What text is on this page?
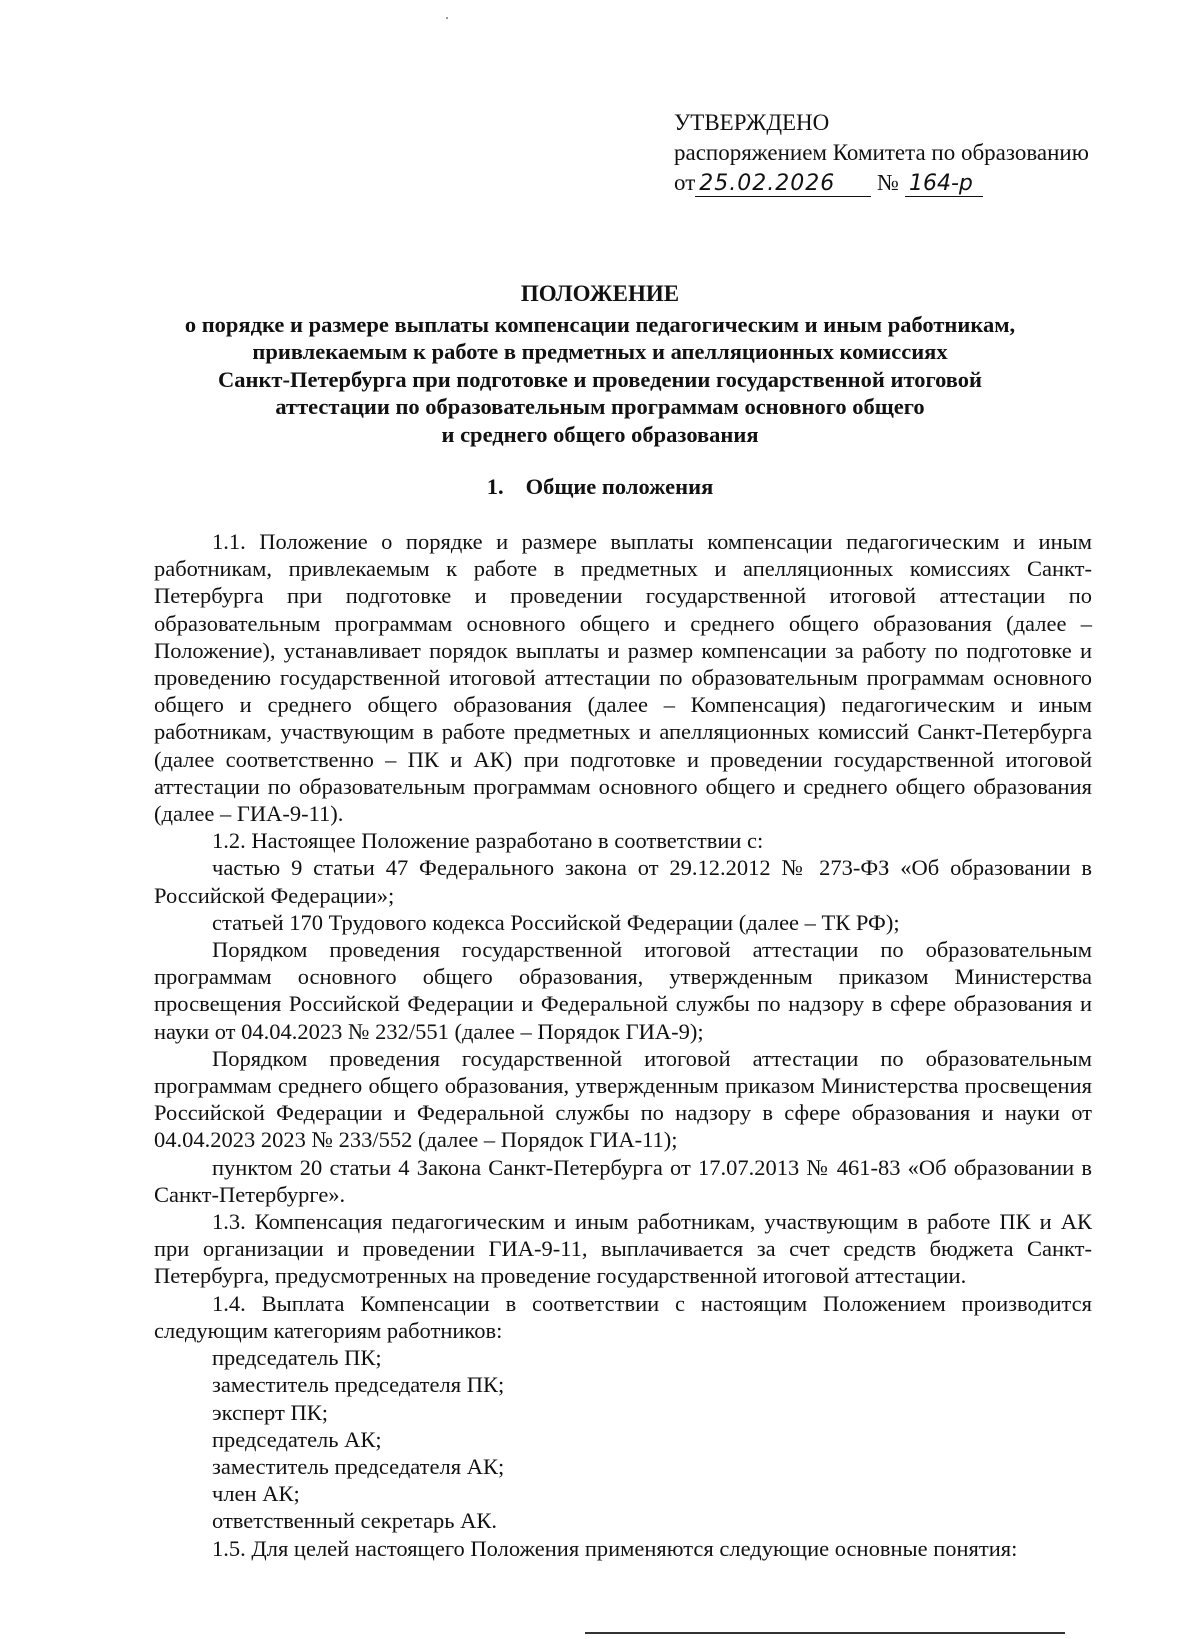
УТВЕРЖДЕНО
распоряжением Комитета по образованию
от 25.02.2026 № 164-р
ПОЛОЖЕНИЕ
о порядке и размере выплаты компенсации педагогическим и иным работникам,
привлекаемым к работе в предметных и апелляционных комиссиях
Санкт-Петербурга при подготовке и проведении государственной итоговой
аттестации по образовательным программам основного общего
и среднего общего образования
1. Общие положения

1.1. Положение о порядке и размере выплаты компенсации педагогическим и иным работникам, привлекаемым к работе в предметных и апелляционных комиссиях Санкт-Петербурга при подготовке и проведении государственной итоговой аттестации по образовательным программам основного общего и среднего общего образования (далее – Положение), устанавливает порядок выплаты и размер компенсации за работу по подготовке и проведению государственной итоговой аттестации по образовательным программам основного общего и среднего общего образования (далее – Компенсация) педагогическим и иным работникам, участвующим в работе предметных и апелляционных комиссий Санкт-Петербурга (далее соответственно – ПК и АК) при подготовке и проведении государственной итоговой аттестации по образовательным программам основного общего и среднего общего образования (далее – ГИА-9-11).

1.2. Настоящее Положение разработано в соответствии с:

частью 9 статьи 47 Федерального закона от 29.12.2012 № 273-ФЗ «Об образовании в Российской Федерации»;

статьей 170 Трудового кодекса Российской Федерации (далее – ТК РФ);

Порядком проведения государственной итоговой аттестации по образовательным программам основного общего образования, утвержденным приказом Министерства просвещения Российской Федерации и Федеральной службы по надзору в сфере образования и науки от 04.04.2023 № 232/551 (далее – Порядок ГИА-9);

Порядком проведения государственной итоговой аттестации по образовательным программам среднего общего образования, утвержденным приказом Министерства просвещения Российской Федерации и Федеральной службы по надзору в сфере образования и науки от 04.04.2023 2023 № 233/552 (далее – Порядок ГИА-11);

пунктом 20 статьи 4 Закона Санкт-Петербурга от 17.07.2013 № 461-83 «Об образовании в Санкт-Петербурге».

1.3. Компенсация педагогическим и иным работникам, участвующим в работе ПК и АК при организации и проведении ГИА-9-11, выплачивается за счет средств бюджета Санкт-Петербурга, предусмотренных на проведение государственной итоговой аттестации.

1.4. Выплата Компенсации в соответствии с настоящим Положением производится следующим категориям работников:

председатель ПК;

заместитель председателя ПК;

эксперт ПК;

председатель АК;

заместитель председателя АК;

член АК;

ответственный секретарь АК.

1.5. Для целей настоящего Положения применяются следующие основные понятия:
